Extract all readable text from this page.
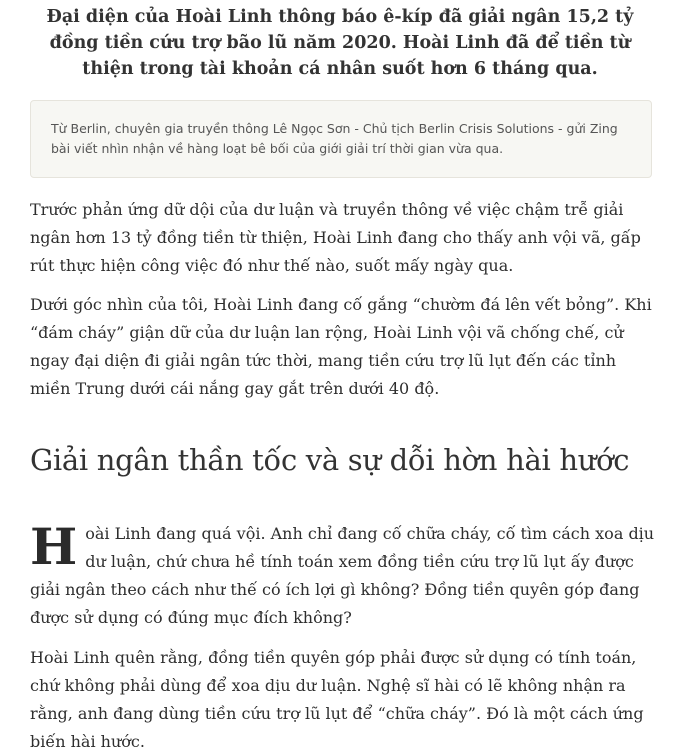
Đại diện của Hoài Linh thông báo ê-kíp đã giải ngân 15,2 tỷ đồng tiền cứu trợ bão lũ năm 2020. Hoài Linh đã để tiền từ thiện trong tài khoản cá nhân suốt hơn 6 tháng qua.
Từ Berlin, chuyên gia truyền thông Lê Ngọc Sơn - Chủ tịch Berlin Crisis Solutions - gửi Zing bài viết nhìn nhận về hàng loạt bê bối của giới giải trí thời gian vừa qua.

Trước phản ứng dữ dội của dư luận và truyền thông về việc chậm trễ giải ngân hơn 13 tỷ đồng tiền từ thiện, Hoài Linh đang cho thấy anh vội vã, gấp rút thực hiện công việc đó như thế nào, suốt mấy ngày qua.

Dưới góc nhìn của tôi, Hoài Linh đang cố gắng “chườm đá lên vết bỏng”. Khi “đám cháy” giận dữ của dư luận lan rộng, Hoài Linh vội vã chống chế, cử ngay đại diện đi giải ngân tức thời, mang tiền cứu trợ lũ lụt đến các tỉnh miền Trung dưới cái nắng gay gắt trên dưới 40 độ.

Giải ngân thần tốc và sự dỗi hờn hài hước

Hoài Linh đang quá vội. Anh chỉ đang cố chữa cháy, cố tìm cách xoa dịu dư luận, chứ chưa hề tính toán xem đồng tiền cứu trợ lũ lụt ấy được giải ngân theo cách như thế có ích lợi gì không? Đồng tiền quyên góp đang được sử dụng có đúng mục đích không?

Hoài Linh quên rằng, đồng tiền quyên góp phải được sử dụng có tính toán, chứ không phải dùng để xoa dịu dư luận. Nghệ sĩ hài có lẽ không nhận ra rằng, anh đang dùng tiền cứu trợ lũ lụt để “chữa cháy”. Đó là một cách ứng biến hài hước.
